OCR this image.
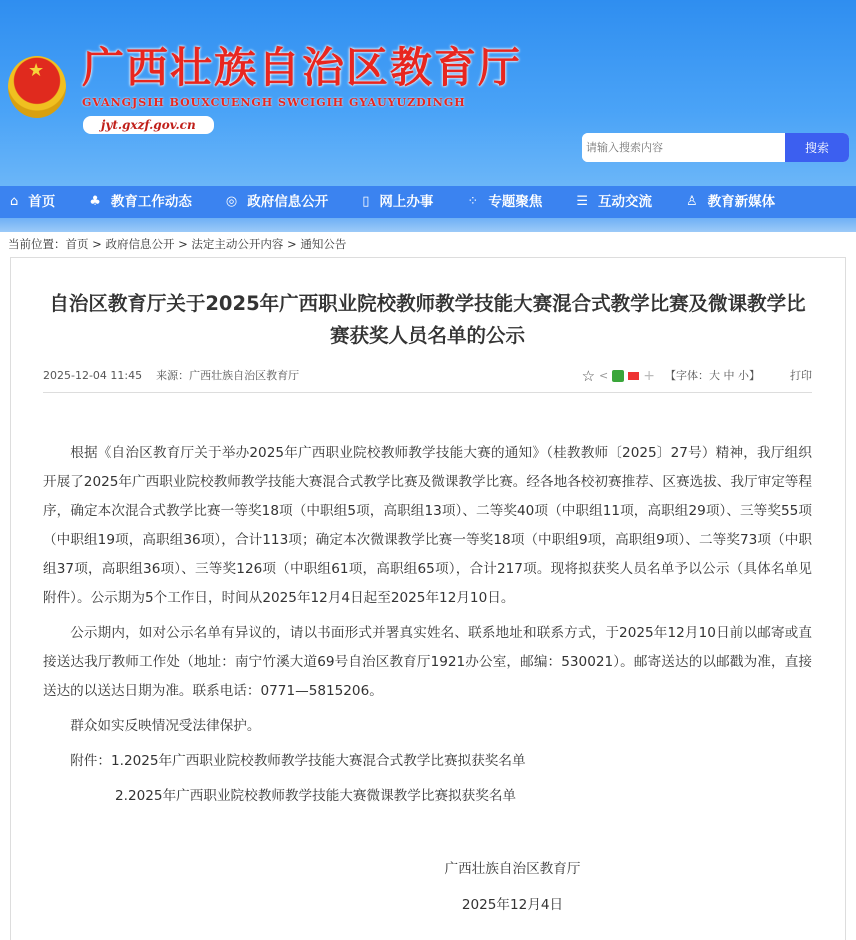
★ 广西壮族自治区教育厅
GVANGJSIH BOUXCUENGH SWCIGIH GYAUYUZDINGH
jyt.gxzf.gov.cn
请输入搜索内容
搜索
⌂ 首页	♣ 教育工作动态	◎ 政府信息公开	▯ 网上办事	⁘ 专题聚焦	☰ 互动交流	♙ 教育新媒体
当前位置：首页 > 政府信息公开 > 法定主动公开内容 > 通知公告
自治区教育厅关于2025年广西职业院校教师教学技能大赛混合式教学比赛及微课教学比赛获奖人员名单的公示
2025-12-04 11:45 来源：广西壮族自治区教育厅	☆ <	+ 【字体：大 中 小】	打印

根据《自治区教育厅关于举办2025年广西职业院校教师教学技能大赛的通知》（桂教教师〔2025〕27号）精神，我厅组织开展了2025年广西职业院校教师教学技能大赛混合式教学比赛及微课教学比赛。经各地各校初赛推荐、区赛选拔、我厅审定等程序，确定本次混合式教学比赛一等奖18项（中职组5项，高职组13项）、二等奖40项（中职组11项，高职组29项）、三等奖55项（中职组19项，高职组36项），合计113项；确定本次微课教学比赛一等奖18项（中职组9项，高职组9项）、二等奖73项（中职组37项，高职组36项）、三等奖126项（中职组61项，高职组65项），合计217项。现将拟获奖人员名单予以公示（具体名单见附件）。公示期为5个工作日，时间从2025年12月4日起至2025年12月10日。

公示期内，如对公示名单有异议的，请以书面形式并署真实姓名、联系地址和联系方式，于2025年12月10日前以邮寄或直接送达我厅教师工作处（地址：南宁竹溪大道69号自治区教育厅1921办公室，邮编：530021）。邮寄送达的以邮戳为准，直接送达的以送达日期为准。联系电话：0771—5815206。

群众如实反映情况受法律保护。

附件：1.2025年广西职业院校教师教学技能大赛混合式教学比赛拟获奖名单

2.2025年广西职业院校教师教学技能大赛微课教学比赛拟获奖名单
广西壮族自治区教育厅
2025年12月4日
